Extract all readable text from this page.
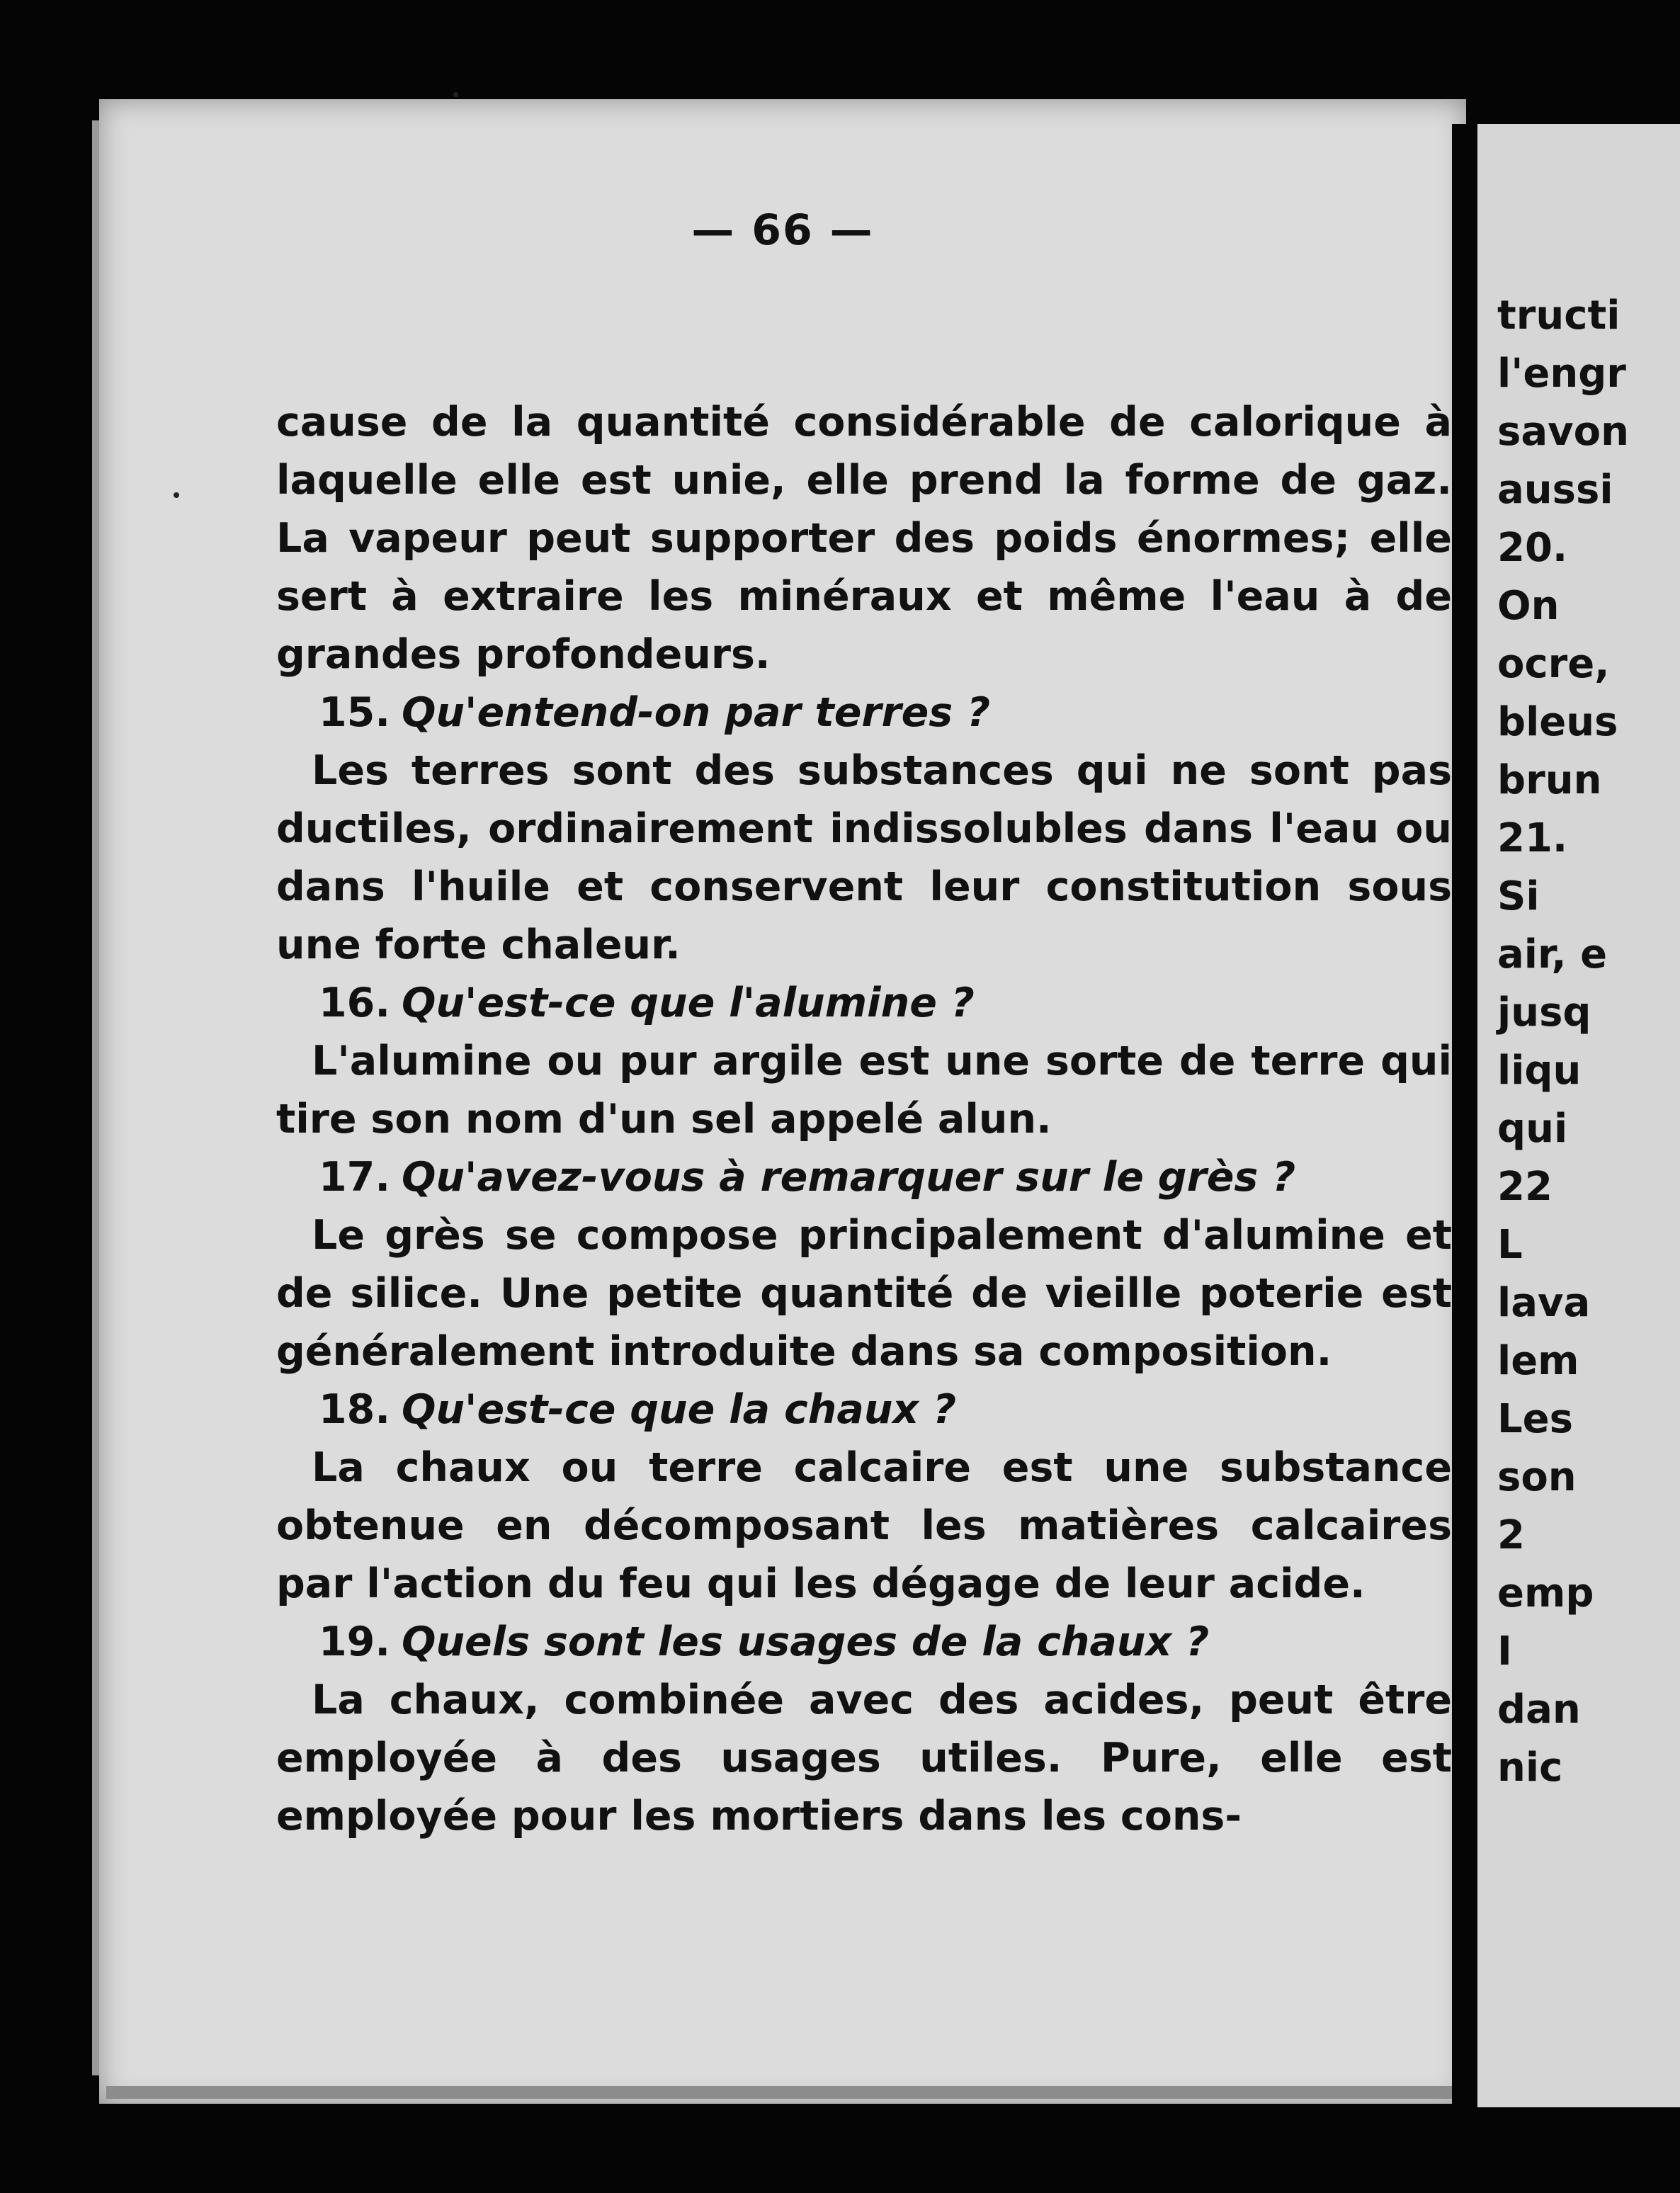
— 66 —

cause de la quantité considérable de calorique à laquelle elle est unie, elle prend la forme de gaz. La vapeur peut supporter des poids énormes; elle sert à extraire les minéraux et même l'eau à de grandes profondeurs.

15. Qu'entend-on par terres ?

Les terres sont des substances qui ne sont pas ductiles, ordinairement indissolubles dans l'eau ou dans l'huile et conservent leur constitution sous une forte chaleur.

16. Qu'est-ce que l'alumine ?

L'alumine ou pur argile est une sorte de terre qui tire son nom d'un sel appelé alun.

17. Qu'avez-vous à remarquer sur le grès ?

Le grès se compose principalement d'alumine et de silice. Une petite quantité de vieille poterie est généralement introduite dans sa composition.

18. Qu'est-ce que la chaux ?

La chaux ou terre calcaire est une substance obtenue en décomposant les matières calcaires par l'action du feu qui les dégage de leur acide.

19. Quels sont les usages de la chaux ?

La chaux, combinée avec des acides, peut être employée à des usages utiles. Pure, elle est employée pour les mortiers dans les cons-

tructi
l'engr
savon
aussi
20.
On
ocre,
bleus
brun
21.
Si
air, e
jusq
liqu
qui
22
L
lava
lem
Les
son
2
emp
I
dan
nic
